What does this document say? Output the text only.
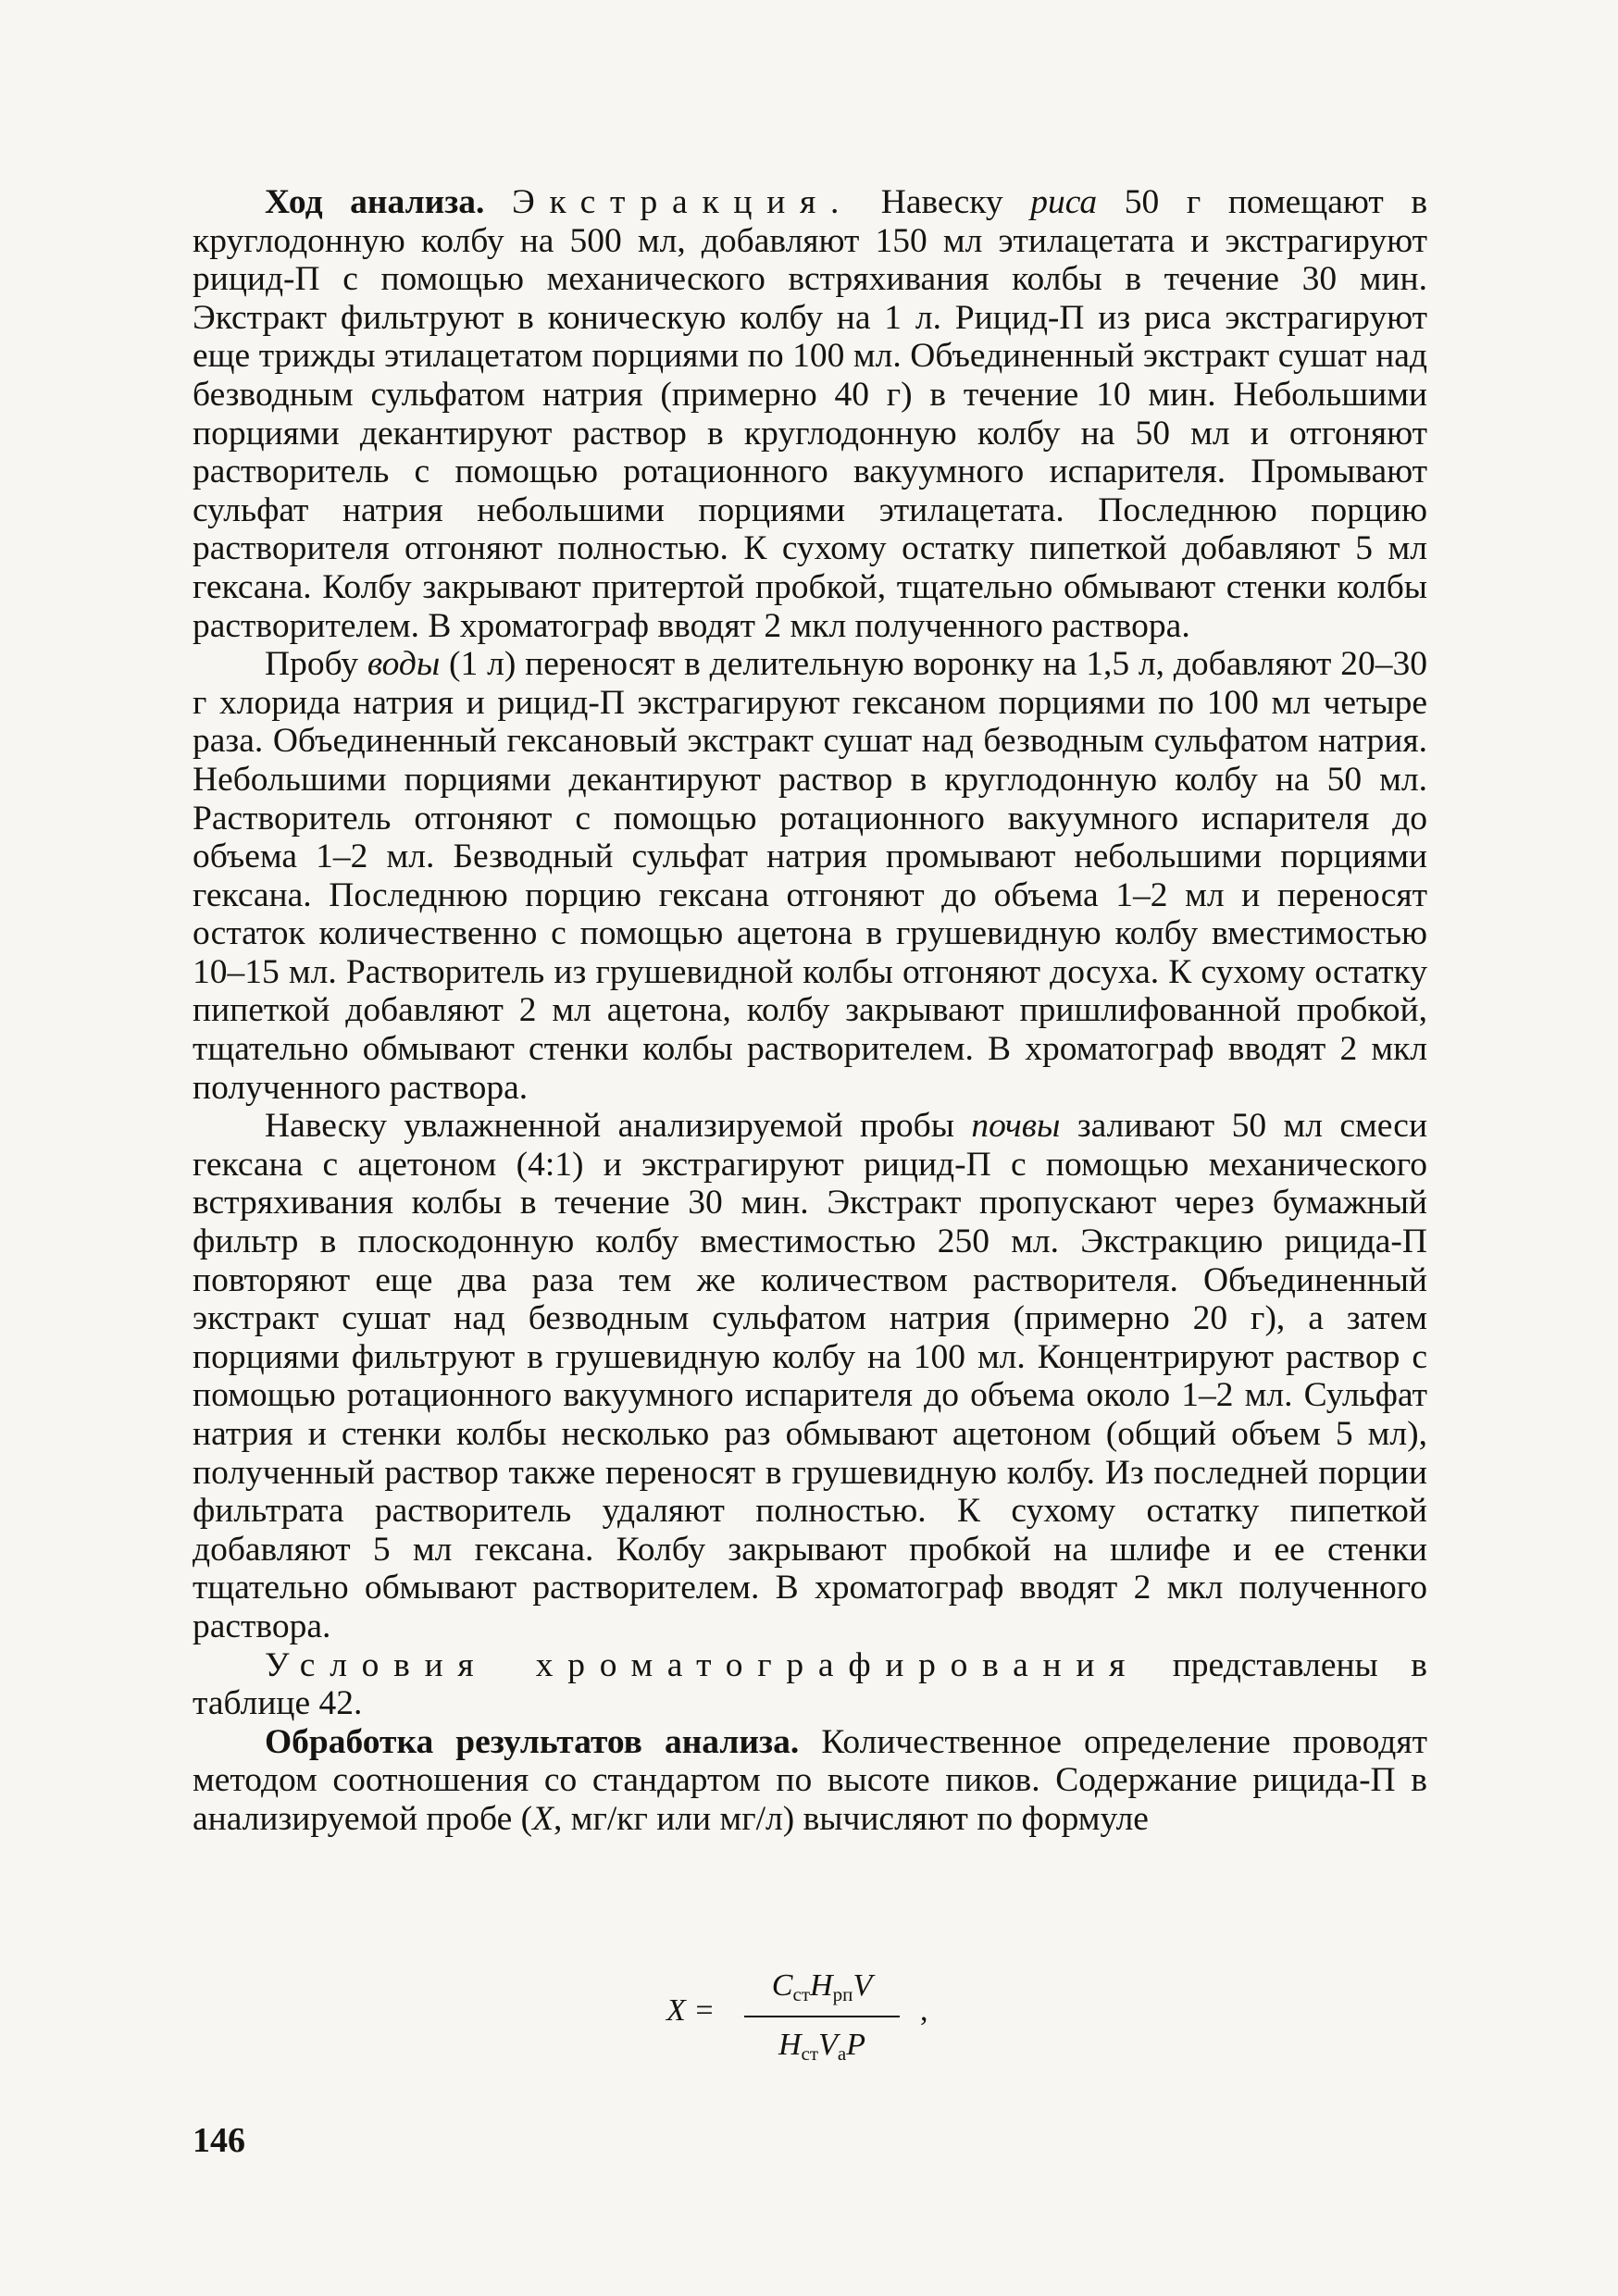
Ход анализа. Экстракция. Навеску риса 50 г помещают в круглодонную колбу на 500 мл, добавляют 150 мл этилацетата и экстрагируют рицид-П с помощью механического встряхивания колбы в течение 30 мин. Экстракт фильтруют в коническую колбу на 1 л. Рицид-П из риса экстрагируют еще трижды этилацетатом порциями по 100 мл. Объединенный экстракт сушат над безводным сульфатом натрия (примерно 40 г) в течение 10 мин. Небольшими порциями декантируют раствор в круглодонную колбу на 50 мл и отгоняют растворитель с помощью ротационного вакуумного испарителя. Промывают сульфат натрия небольшими порциями этилацетата. Последнюю порцию растворителя отгоняют полностью. К сухому остатку пипеткой добавляют 5 мл гексана. Колбу закрывают притертой пробкой, тщательно обмывают стенки колбы растворителем. В хроматограф вводят 2 мкл полученного раствора.

Пробу воды (1 л) переносят в делительную воронку на 1,5 л, добавляют 20–30 г хлорида натрия и рицид-П экстрагируют гексаном порциями по 100 мл четыре раза. Объединенный гексановый экстракт сушат над безводным сульфатом натрия. Небольшими порциями декантируют раствор в круглодонную колбу на 50 мл. Растворитель отгоняют с помощью ротационного вакуумного испарителя до объема 1–2 мл. Безводный сульфат натрия промывают небольшими порциями гексана. Последнюю порцию гексана отгоняют до объема 1–2 мл и переносят остаток количественно с помощью ацетона в грушевидную колбу вместимостью 10–15 мл. Растворитель из грушевидной колбы отгоняют досуха. К сухому остатку пипеткой добавляют 2 мл ацетона, колбу закрывают пришлифованной пробкой, тщательно обмывают стенки колбы растворителем. В хроматограф вводят 2 мкл полученного раствора.

Навеску увлажненной анализируемой пробы почвы заливают 50 мл смеси гексана с ацетоном (4:1) и экстрагируют рицид-П с помощью механического встряхивания колбы в течение 30 мин. Экстракт пропускают через бумажный фильтр в плоскодонную колбу вместимостью 250 мл. Экстракцию рицида-П повторяют еще два раза тем же количеством растворителя. Объединенный экстракт сушат над безводным сульфатом натрия (примерно 20 г), а затем порциями фильтруют в грушевидную колбу на 100 мл. Концентрируют раствор с помощью ротационного вакуумного испарителя до объема около 1–2 мл. Сульфат натрия и стенки колбы несколько раз обмывают ацетоном (общий объем 5 мл), полученный раствор также переносят в грушевидную колбу. Из последней порции фильтрата растворитель удаляют полностью. К сухому остатку пипеткой добавляют 5 мл гексана. Колбу закрывают пробкой на шлифе и ее стенки тщательно обмывают растворителем. В хроматограф вводят 2 мкл полученного раствора.

Условия хроматографирования представлены в таблице 42.

Обработка результатов анализа. Количественное определение проводят методом соотношения со стандартом по высоте пиков. Содержание рицида-П в анализируемой пробе (X, мг/кг или мг/л) вычисляют по формуле

X =
$C_{ст}H_{рп}V$
$H_{ст}V_аP$
,
146
